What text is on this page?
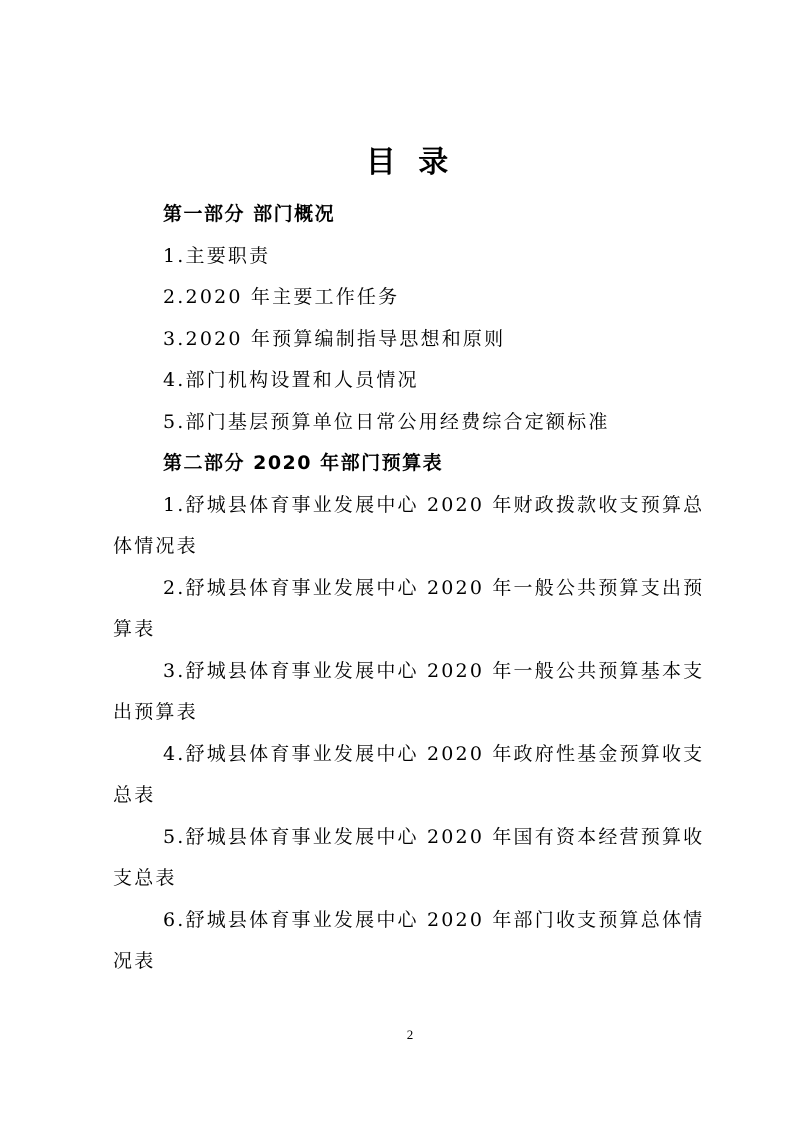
目 录
第一部分 部门概况
1.主要职责
2.2020 年主要工作任务
3.2020 年预算编制指导思想和原则
4.部门机构设置和人员情况
5.部门基层预算单位日常公用经费综合定额标准
第二部分 2020 年部门预算表
1.舒城县体育事业发展中心 2020 年财政拨款收支预算总
体情况表
2.舒城县体育事业发展中心 2020 年一般公共预算支出预
算表
3.舒城县体育事业发展中心 2020 年一般公共预算基本支
出预算表
4.舒城县体育事业发展中心 2020 年政府性基金预算收支
总表
5.舒城县体育事业发展中心 2020 年国有资本经营预算收
支总表
6.舒城县体育事业发展中心 2020 年部门收支预算总体情
况表
2
